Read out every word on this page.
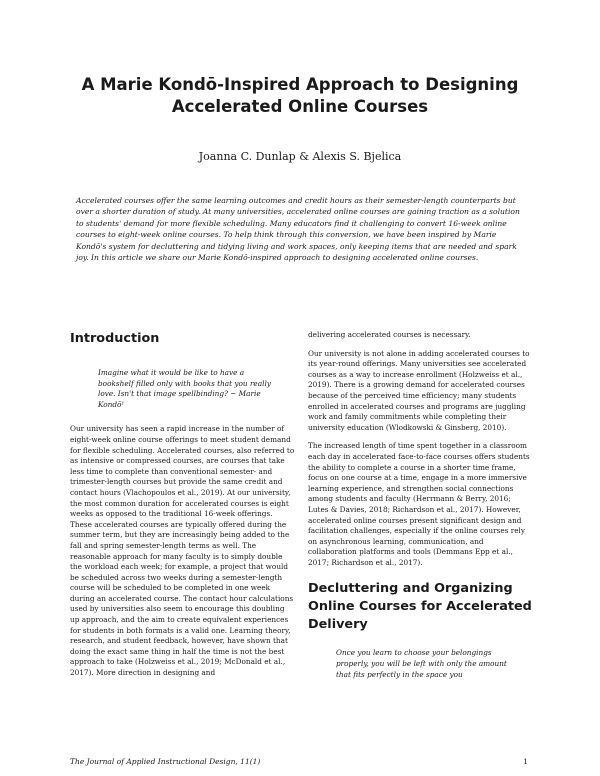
A Marie Kondō-Inspired Approach to Designing Accelerated Online Courses

Joanna C. Dunlap & Alexis S. Bjelica

Accelerated courses offer the same learning outcomes and credit hours as their semester-length counterparts but over a shorter duration of study. At many universities, accelerated online courses are gaining traction as a solution to students' demand for more flexible scheduling. Many educators find it challenging to convert 16-week online courses to eight-week online courses. To help think through this conversion, we have been inspired by Marie Kondō's system for decluttering and tidying living and work spaces, only keeping items that are needed and spark joy. In this article we share our Marie Kondō-inspired approach to designing accelerated online courses.

Introduction

Imagine what it would be like to have a bookshelf filled only with books that you really love. Isn't that image spellbinding? ~ Marie Kondō¹

Our university has seen a rapid increase in the number of eight-week online course offerings to meet student demand for flexible scheduling. Accelerated courses, also referred to as intensive or compressed courses, are courses that take less time to complete than conventional semester- and trimester-length courses but provide the same credit and contact hours (Vlachopoulos et al., 2019). At our university, the most common duration for accelerated courses is eight weeks as opposed to the traditional 16-week offerings. These accelerated courses are typically offered during the summer term, but they are increasingly being added to the fall and spring semester-length terms as well. The reasonable approach for many faculty is to simply double the workload each week; for example, a project that would be scheduled across two weeks during a semester-length course will be scheduled to be completed in one week during an accelerated course. The contact hour calculations used by universities also seem to encourage this doubling up approach, and the aim to create equivalent experiences for students in both formats is a valid one. Learning theory, research, and student feedback, however, have shown that doing the exact same thing in half the time is not the best approach to take (Holzweiss et al., 2019; McDonald et al., 2017). More direction in designing and

delivering accelerated courses is necessary.

Our university is not alone in adding accelerated courses to its year-round offerings. Many universities see accelerated courses as a way to increase enrollment (Holzweiss et al., 2019). There is a growing demand for accelerated courses because of the perceived time efficiency; many students enrolled in accelerated courses and programs are juggling work and family commitments while completing their university education (Wlodkowski & Ginsberg, 2010).

The increased length of time spent together in a classroom each day in accelerated face-to-face courses offers students the ability to complete a course in a shorter time frame, focus on one course at a time, engage in a more immersive learning experience, and strengthen social connections among students and faculty (Herrmann & Berry, 2016; Lutes & Davies, 2018; Richardson et al., 2017). However, accelerated online courses present significant design and facilitation challenges, especially if the online courses rely on asynchronous learning, communication, and collaboration platforms and tools (Demmans Epp et al., 2017; Richardson et al., 2017).

Decluttering and Organizing Online Courses for Accelerated Delivery

Once you learn to choose your belongings properly, you will be left with only the amount that fits perfectly in the space you

The Journal of Applied Instructional Design, 11(1)	1
